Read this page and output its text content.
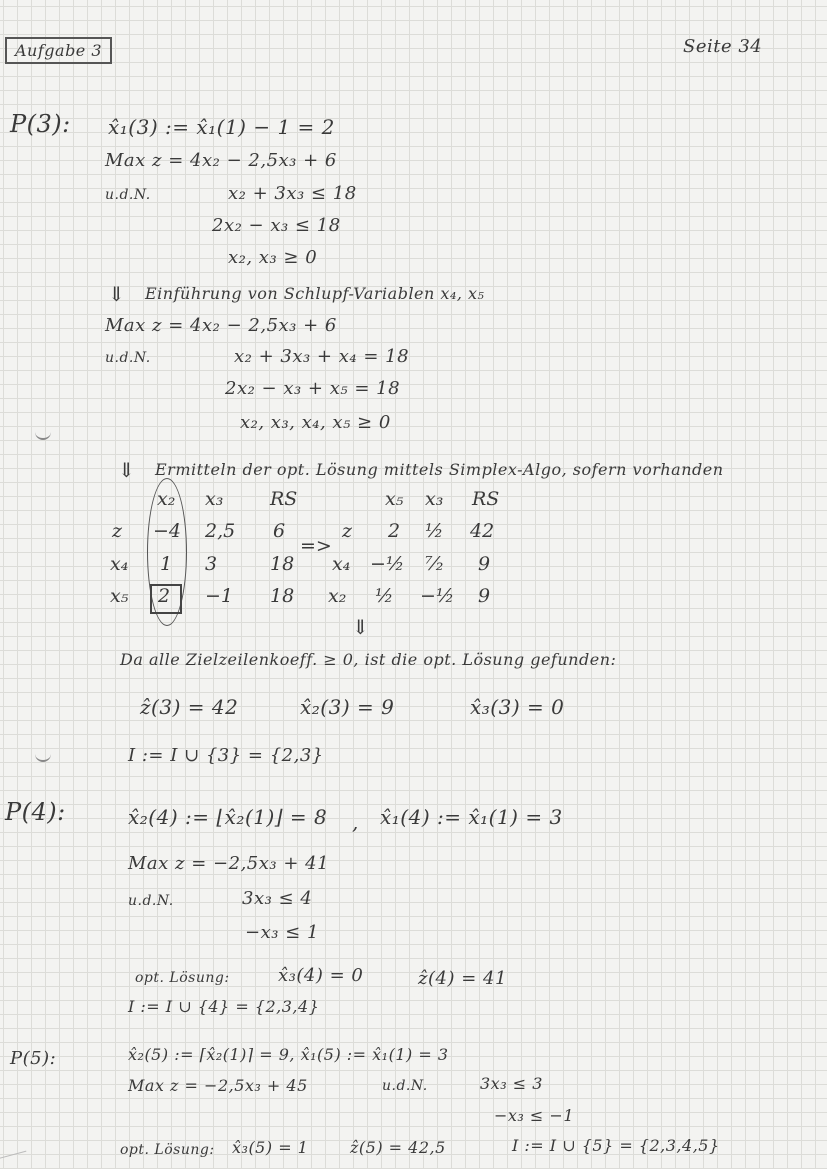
Aufgabe 3	Seite 34
P(3): x̂₁(3) := x̂₁(1) − 1 = 2
Max z = 4x₂ − 2,5x₃ + 6
u.d.N.	x₂ + 3x₃ ≤ 18
2x₂ − x₃ ≤ 18
x₂, x₃ ≥ 0
⇓ Einführung von Schlupf-Variablen x₄, x₅
Max z = 4x₂ − 2,5x₃ + 6
u.d.N.	x₂ + 3x₃ + x₄ = 18
2x₂ − x₃ + x₅ = 18
x₂, x₃, x₄, x₅ ≥ 0
⇓ Ermitteln der opt. Lösung mittels Simplex-Algo, sofern vorhanden
x₂ x₃ RS
z −4 2,5 6
x₄ 1 3	18
x₅ 2 −1 18
=>
x₅ x₃ RS
z 2 ½ 42
x₄ −½ ⁷⁄₂ 9
x₂ ½ −½ 9
⇓
Da alle Zielzeilenkoeff. ≥ 0, ist die opt. Lösung gefunden:
ẑ(3) = 42	x̂₂(3) = 9	x̂₃(3) = 0
I := I ∪ {3} = {2,3}
P(4):	x̂₂(4) := ⌊x̂₂(1)⌋ = 8 , x̂₁(4) := x̂₁(1) = 3
Max z = −2,5x₃ + 41
u.d.N.	3x₃ ≤ 4
−x₃ ≤ 1
opt. Lösung:	x̂₃(4) = 0	ẑ(4) = 41
I := I ∪ {4} = {2,3,4}
P(5):	x̂₂(5) := ⌈x̂₂(1)⌉ = 9, x̂₁(5) := x̂₁(1) = 3
Max z = −2,5x₃ + 45	u.d.N.	3x₃ ≤ 3
−x₃ ≤ −1
opt. Lösung: x̂₃(5) = 1	ẑ(5) = 42,5	I := I ∪ {5} = {2,3,4,5}
